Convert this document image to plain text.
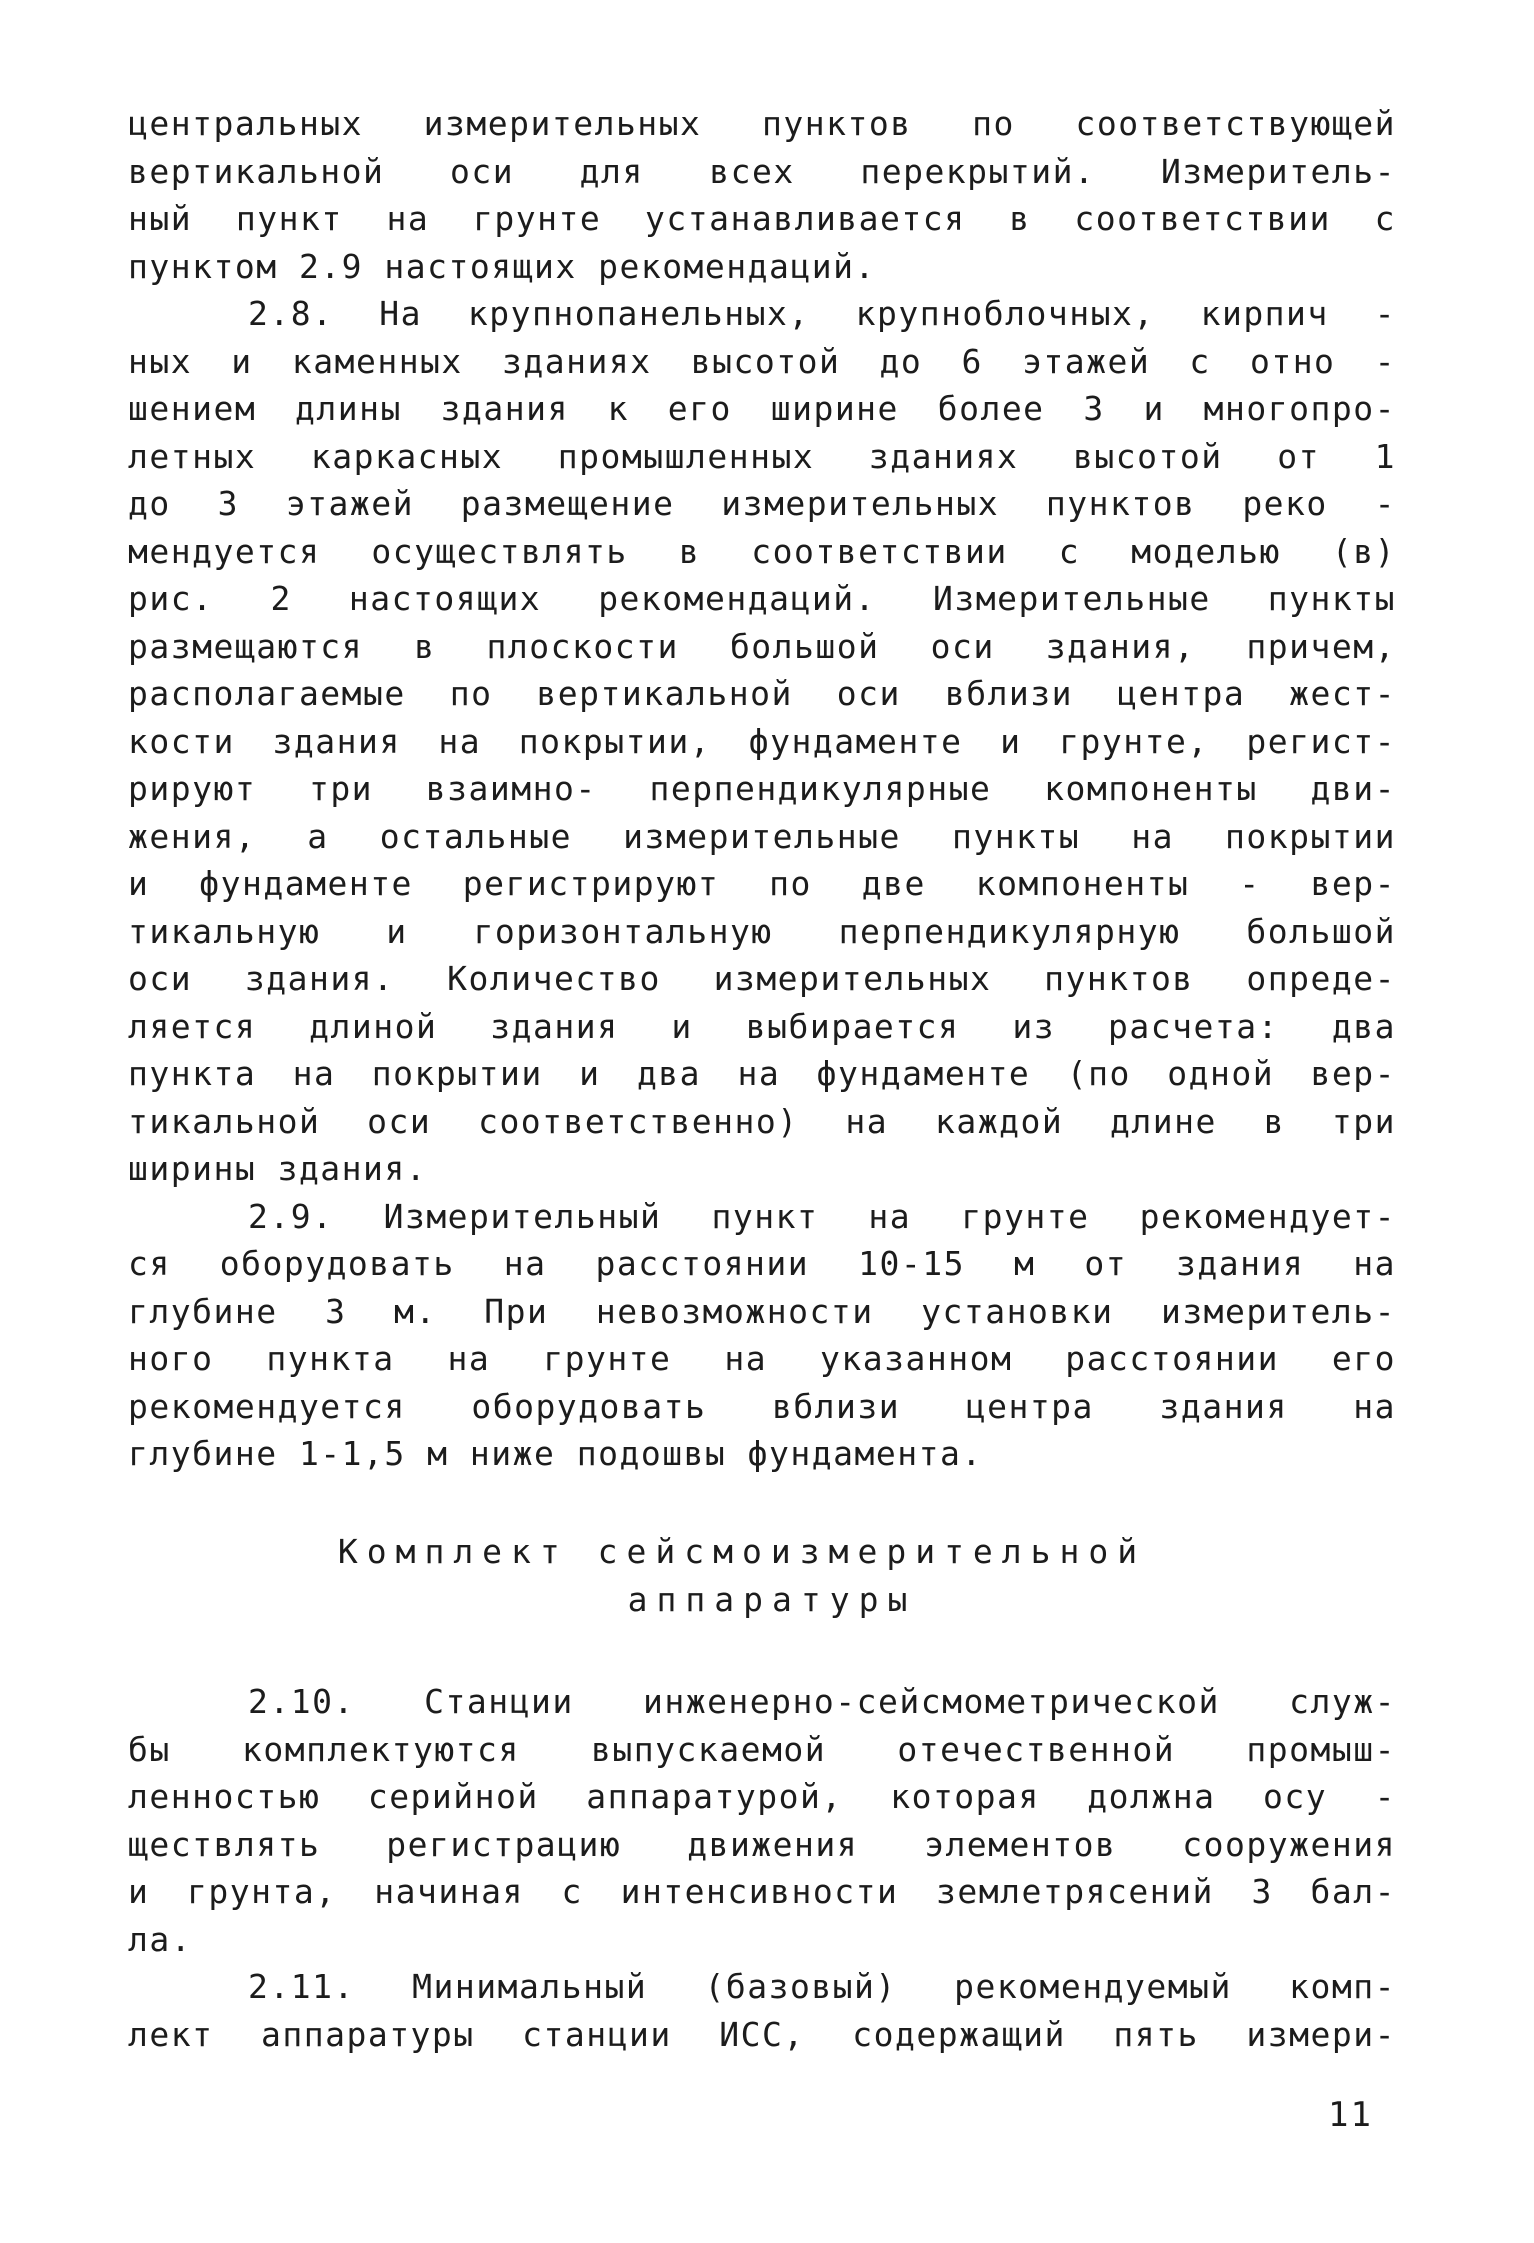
центральных измерительных пунктов по соответствующей
вертикальной оси для всех перекрытий. Измеритель-
ный пункт на грунте устанавливается в соответствии с
пунктом 2.9 настоящих рекомендаций.
2.8. На крупнопанельных, крупноблочных, кирпич -
ных и каменных зданиях высотой до 6 этажей с отно -
шением длины здания к его ширине более 3 и многопро-
летных каркасных промышленных зданиях высотой от 1
до 3 этажей размещение измерительных пунктов реко -
мендуется осуществлять в соответствии с моделью (в)
рис. 2 настоящих рекомендаций. Измерительные пункты
размещаются в плоскости большой оси здания, причем,
располагаемые по вертикальной оси вблизи центра жест-
кости здания на покрытии, фундаменте и грунте, регист-
рируют три взаимно- перпендикулярные компоненты дви-
жения, а остальные измерительные пункты на покрытии
и фундаменте регистрируют по две компоненты - вер-
тикальную и горизонтальную перпендикулярную большой
оси здания. Количество измерительных пунктов опреде-
ляется длиной здания и выбирается из расчета: два
пункта на покрытии и два на фундаменте (по одной вер-
тикальной оси соответственно) на каждой длине в три
ширины здания.
2.9. Измерительный пункт на грунте рекомендует-
ся оборудовать на расстоянии 10-15 м от здания на
глубине 3 м. При невозможности установки измеритель-
ного пункта на грунте на указанном расстоянии его
рекомендуется оборудовать вблизи центра здания на
глубине 1-1,5 м ниже подошвы фундамента.
Комплект сейсмоизмерительной
аппаратуры
2.10. Станции инженерно-сейсмометрической служ-
бы комплектуются выпускаемой отечественной промыш-
ленностью серийной аппаратурой, которая должна осу -
ществлять регистрацию движения элементов сооружения
и грунта, начиная с интенсивности землетрясений 3 бал-
ла.
2.11. Минимальный (базовый) рекомендуемый комп-
лект аппаратуры станции ИСС, содержащий пять измери-
11
